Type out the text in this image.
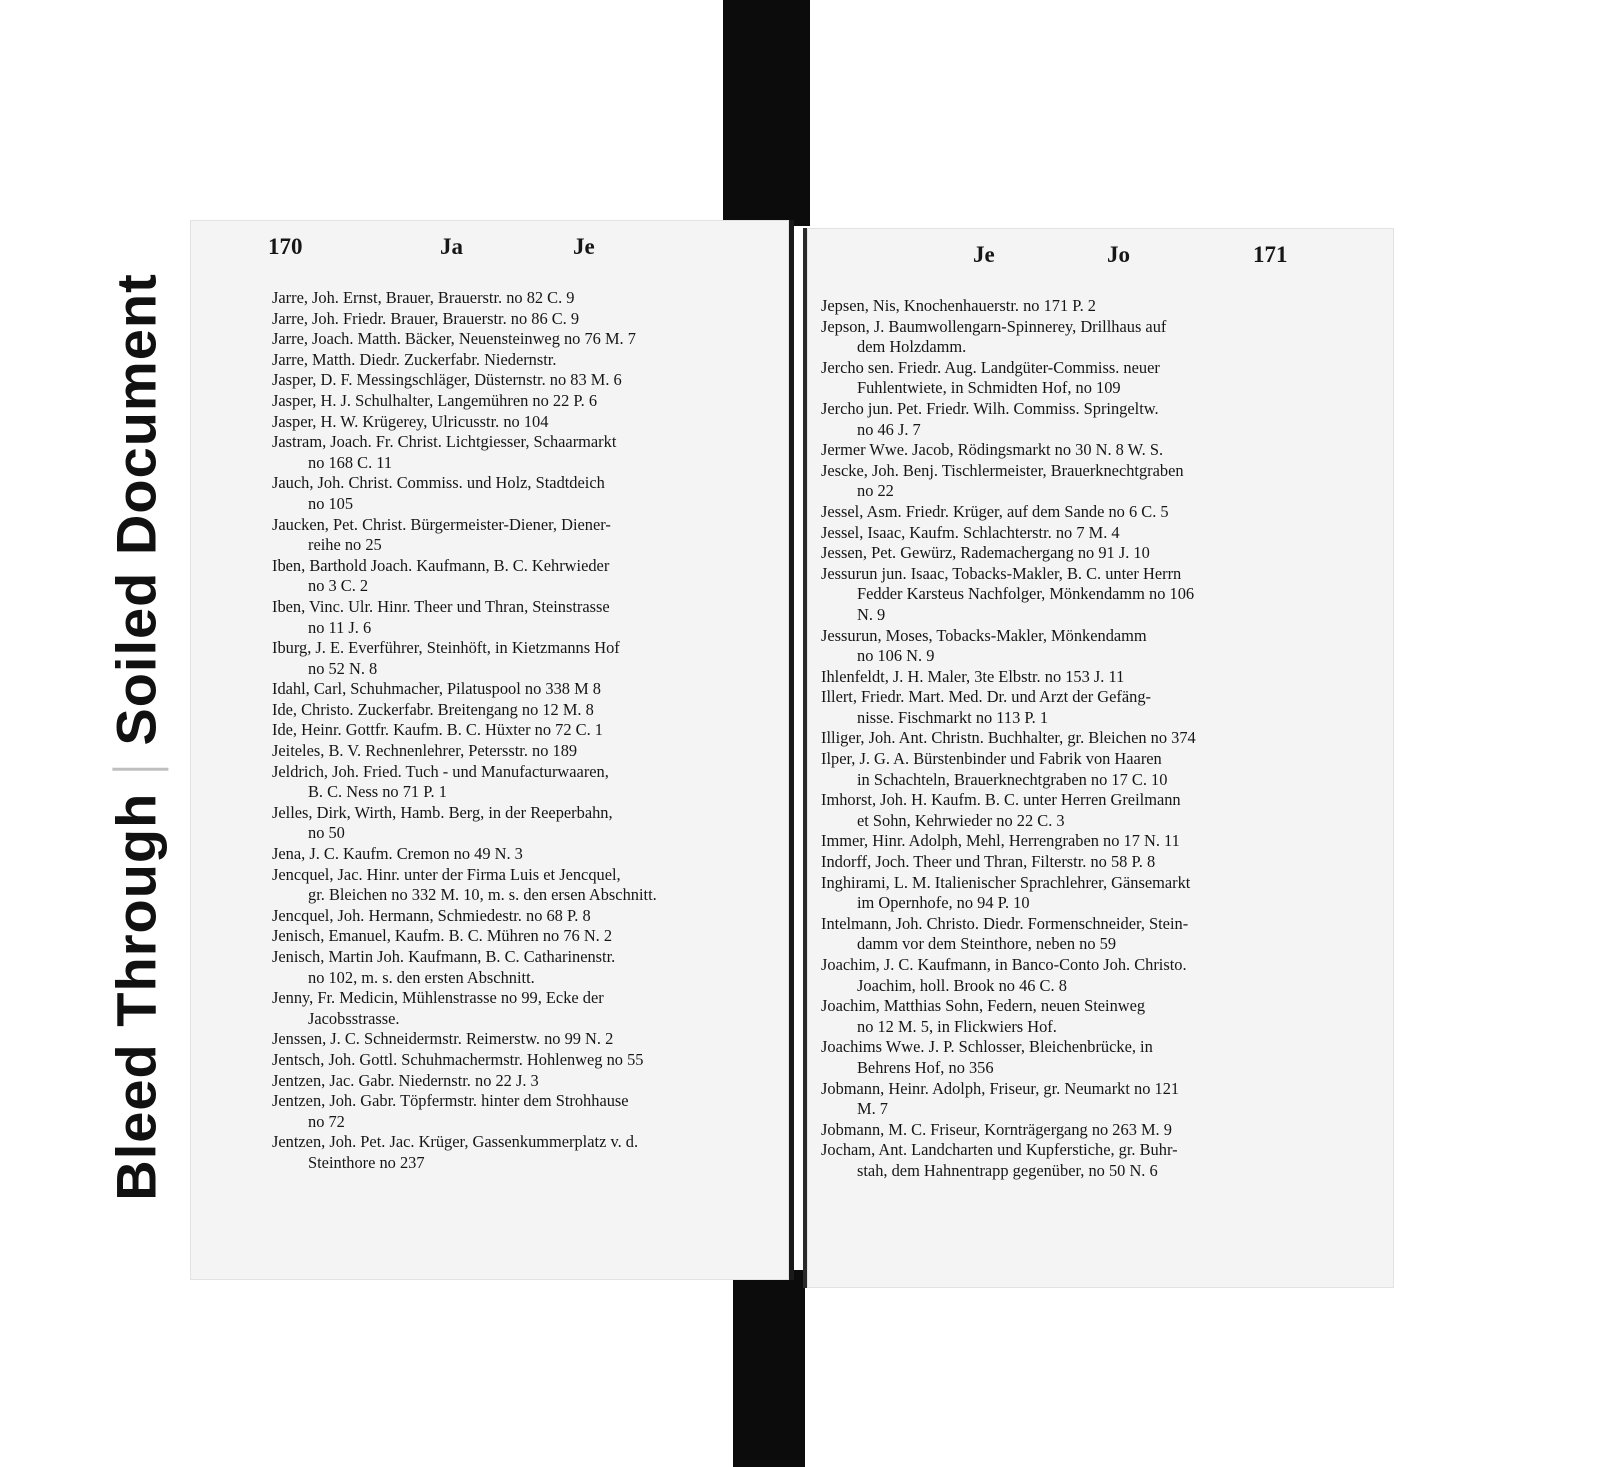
Bleed ThroughSoiled Document
170	Ja	Je
Jarre, Joh. Ernst, Brauer, Brauerstr. no 82 C. 9
Jarre, Joh. Friedr. Brauer, Brauerstr. no 86 C. 9
Jarre, Joach. Matth. Bäcker, Neuensteinweg no 76 M. 7
Jarre, Matth. Diedr. Zuckerfabr. Niedernstr.
Jasper, D. F. Messingschläger, Düsternstr. no 83 M. 6
Jasper, H. J. Schulhalter, Langemühren no 22 P. 6
Jasper, H. W. Krügerey, Ulricusstr. no 104
Jastram, Joach. Fr. Christ. Lichtgiesser, Schaarmarkt
no 168 C. 11
Jauch, Joh. Christ. Commiss. und Holz, Stadtdeich
no 105
Jaucken, Pet. Christ. Bürgermeister-Diener, Diener-
reihe no 25
Iben, Barthold Joach. Kaufmann, B. C. Kehrwieder
no 3 C. 2
Iben, Vinc. Ulr. Hinr. Theer und Thran, Steinstrasse
no 11 J. 6
Iburg, J. E. Everführer, Steinhöft, in Kietzmanns Hof
no 52 N. 8
Idahl, Carl, Schuhmacher, Pilatuspool no 338 M 8
Ide, Christo. Zuckerfabr. Breitengang no 12 M. 8
Ide, Heinr. Gottfr. Kaufm. B. C. Hüxter no 72 C. 1
Jeiteles, B. V. Rechnenlehrer, Petersstr. no 189
Jeldrich, Joh. Fried. Tuch - und Manufacturwaaren,
B. C. Ness no 71 P. 1
Jelles, Dirk, Wirth, Hamb. Berg, in der Reeperbahn,
no 50
Jena, J. C. Kaufm. Cremon no 49 N. 3
Jencquel, Jac. Hinr. unter der Firma Luis et Jencquel,
gr. Bleichen no 332 M. 10, m. s. den ersen Abschnitt.
Jencquel, Joh. Hermann, Schmiedestr. no 68 P. 8
Jenisch, Emanuel, Kaufm. B. C. Mühren no 76 N. 2
Jenisch, Martin Joh. Kaufmann, B. C. Catharinenstr.
no 102, m. s. den ersten Abschnitt.
Jenny, Fr. Medicin, Mühlenstrasse no 99, Ecke der
Jacobsstrasse.
Jenssen, J. C. Schneidermstr. Reimerstw. no 99 N. 2
Jentsch, Joh. Gottl. Schuhmachermstr. Hohlenweg no 55
Jentzen, Jac. Gabr. Niedernstr. no 22 J. 3
Jentzen, Joh. Gabr. Töpfermstr. hinter dem Strohhause
no 72
Jentzen, Joh. Pet. Jac. Krüger, Gassenkummerplatz v. d.
Steinthore no 237
Je	Jo	171
Jepsen, Nis, Knochenhauerstr. no 171 P. 2
Jepson, J. Baumwollengarn-Spinnerey, Drillhaus auf
dem Holzdamm.
Jercho sen. Friedr. Aug. Landgüter-Commiss. neuer
Fuhlentwiete, in Schmidten Hof, no 109
Jercho jun. Pet. Friedr. Wilh. Commiss. Springeltw.
no 46 J. 7
Jermer Wwe. Jacob, Rödingsmarkt no 30 N. 8 W. S.
Jescke, Joh. Benj. Tischlermeister, Brauerknechtgraben
no 22
Jessel, Asm. Friedr. Krüger, auf dem Sande no 6 C. 5
Jessel, Isaac, Kaufm. Schlachterstr. no 7 M. 4
Jessen, Pet. Gewürz, Rademachergang no 91 J. 10
Jessurun jun. Isaac, Tobacks-Makler, B. C. unter Herrn
Fedder Karsteus Nachfolger, Mönkendamm no 106
N. 9
Jessurun, Moses, Tobacks-Makler, Mönkendamm
no 106 N. 9
Ihlenfeldt, J. H. Maler, 3te Elbstr. no 153 J. 11
Illert, Friedr. Mart. Med. Dr. und Arzt der Gefäng-
nisse. Fischmarkt no 113 P. 1
Illiger, Joh. Ant. Christn. Buchhalter, gr. Bleichen no 374
Ilper, J. G. A. Bürstenbinder und Fabrik von Haaren
in Schachteln, Brauerknechtgraben no 17 C. 10
Imhorst, Joh. H. Kaufm. B. C. unter Herren Greilmann
et Sohn, Kehrwieder no 22 C. 3
Immer, Hinr. Adolph, Mehl, Herrengraben no 17 N. 11
Indorff, Joch. Theer und Thran, Filterstr. no 58 P. 8
Inghirami, L. M. Italienischer Sprachlehrer, Gänsemarkt
im Opernhofe, no 94 P. 10
Intelmann, Joh. Christo. Diedr. Formenschneider, Stein-
damm vor dem Steinthore, neben no 59
Joachim, J. C. Kaufmann, in Banco-Conto Joh. Christo.
Joachim, holl. Brook no 46 C. 8
Joachim, Matthias Sohn, Federn, neuen Steinweg
no 12 M. 5, in Flickwiers Hof.
Joachims Wwe. J. P. Schlosser, Bleichenbrücke, in
Behrens Hof, no 356
Jobmann, Heinr. Adolph, Friseur, gr. Neumarkt no 121
M. 7
Jobmann, M. C. Friseur, Kornträgergang no 263 M. 9
Jocham, Ant. Landcharten und Kupferstiche, gr. Buhr-
stah, dem Hahnentrapp gegenüber, no 50 N. 6
